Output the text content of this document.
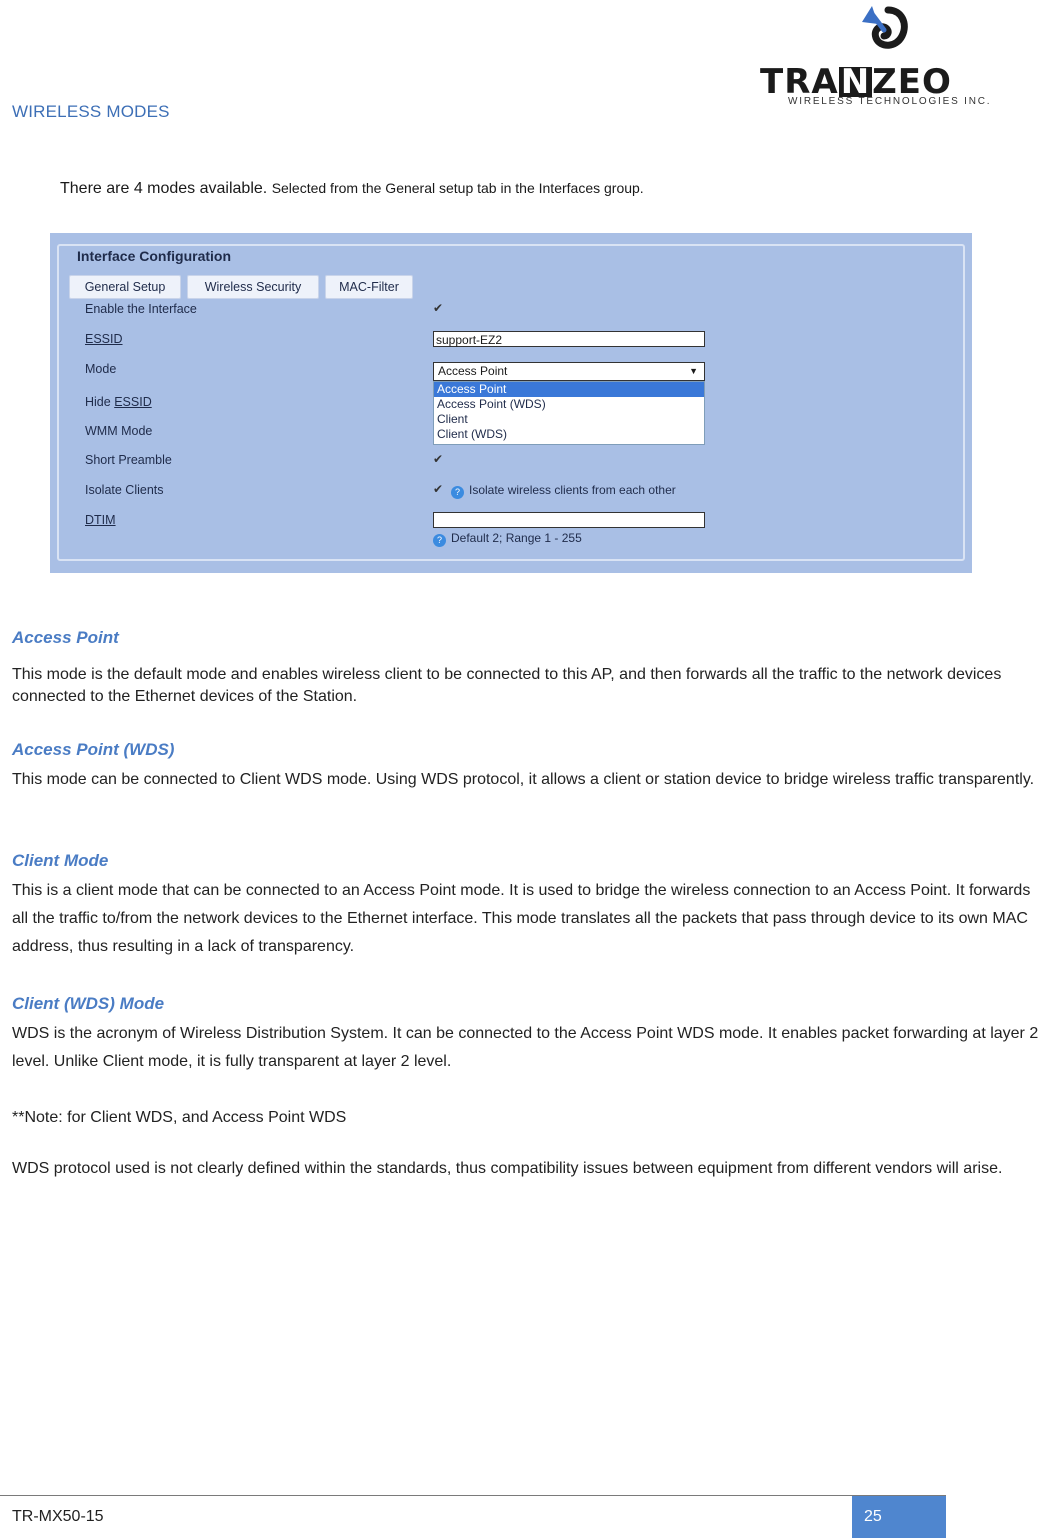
WIRELESS MODES
TRANZEO
WIRELESS TECHNOLOGIES INC.
There are 4 modes available. Selected from the General setup tab in the Interfaces group.
Interface Configuration
General Setup	Wireless Security	MAC-Filter
Enable the Interface	✔
ESSID	support-EZ2
Mode	Access Point	▼
Access Point
Access Point (WDS)
Client
Client (WDS)
Hide ESSID
WMM Mode
Short Preamble	✔
Isolate Clients	✔	? Isolate wireless clients from each other
DTIM
? Default 2; Range 1 - 255
Access Point

This mode is the default mode and enables wireless client to be connected to this AP, and then forwards all the traffic to the network devices connected to the Ethernet devices of the Station.

Access Point (WDS)

This mode can be connected to Client WDS mode. Using WDS protocol, it allows a client or station device to bridge wireless traffic transparently.

Client Mode

This is a client mode that can be connected to an Access Point mode. It is used to bridge the wireless connection to an Access Point. It forwards all the traffic to/from the network devices to the Ethernet interface. This mode translates all the packets that pass through device to its own MAC address, thus resulting in a lack of transparency.

Client (WDS) Mode

WDS is the acronym of Wireless Distribution System. It can be connected to the Access Point WDS mode. It enables packet forwarding at layer 2 level. Unlike Client mode, it is fully transparent at layer 2 level.

**Note: for Client WDS, and Access Point WDS

WDS protocol used is not clearly defined within the standards, thus compatibility issues between equipment from different vendors will arise.

TR-MX50-15	25
